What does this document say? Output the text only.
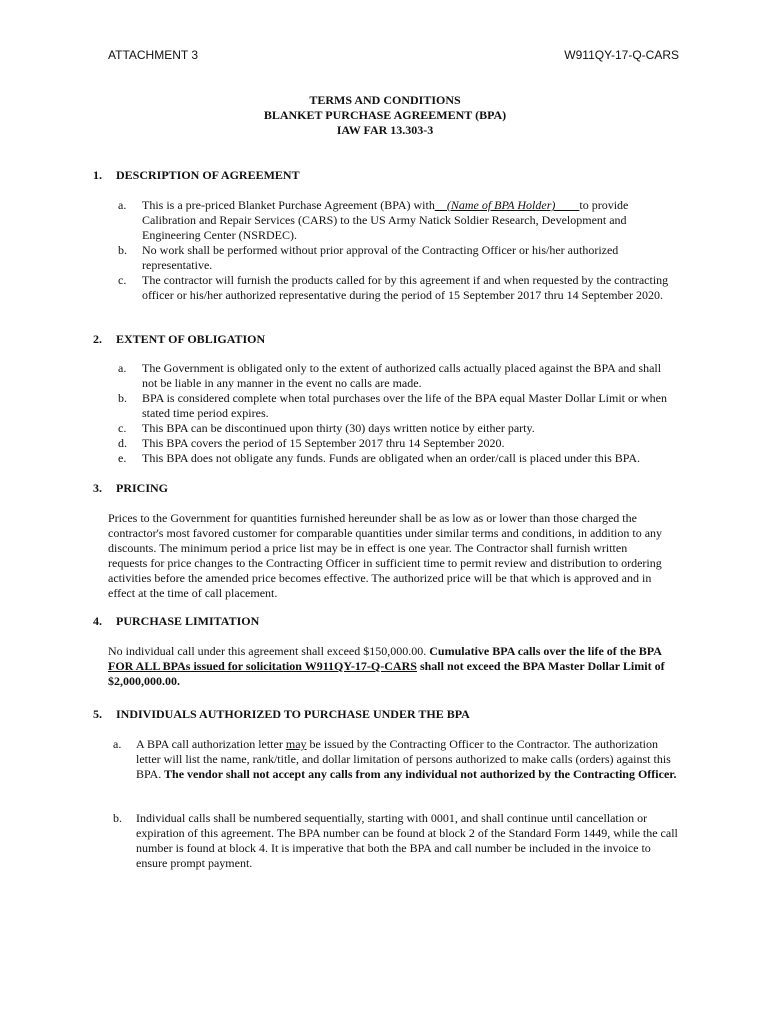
ATTACHMENT 3	W911QY-17-Q-CARS
TERMS AND CONDITIONS
BLANKET PURCHASE AGREEMENT (BPA)
IAW FAR 13.303-3
1. DESCRIPTION OF AGREEMENT
a. This is a pre-priced Blanket Purchase Agreement (BPA) with__(Name of BPA Holder)____to provide Calibration and Repair Services (CARS) to the US Army Natick Soldier Research, Development and Engineering Center (NSRDEC).
b. No work shall be performed without prior approval of the Contracting Officer or his/her authorized representative.
c. The contractor will furnish the products called for by this agreement if and when requested by the contracting officer or his/her authorized representative during the period of 15 September 2017 thru 14 September 2020.
2. EXTENT OF OBLIGATION
a. The Government is obligated only to the extent of authorized calls actually placed against the BPA and shall not be liable in any manner in the event no calls are made.
b. BPA is considered complete when total purchases over the life of the BPA equal Master Dollar Limit or when stated time period expires.
c. This BPA can be discontinued upon thirty (30) days written notice by either party.
d. This BPA covers the period of 15 September 2017 thru 14 September 2020.
e. This BPA does not obligate any funds. Funds are obligated when an order/call is placed under this BPA.
3. PRICING
Prices to the Government for quantities furnished hereunder shall be as low as or lower than those charged the contractor's most favored customer for comparable quantities under similar terms and conditions, in addition to any discounts. The minimum period a price list may be in effect is one year. The Contractor shall furnish written requests for price changes to the Contracting Officer in sufficient time to permit review and distribution to ordering activities before the amended price becomes effective. The authorized price will be that which is approved and in effect at the time of call placement.
4. PURCHASE LIMITATION
No individual call under this agreement shall exceed $150,000.00. Cumulative BPA calls over the life of the BPA FOR ALL BPAs issued for solicitation W911QY-17-Q-CARS shall not exceed the BPA Master Dollar Limit of $2,000,000.00.
5. INDIVIDUALS AUTHORIZED TO PURCHASE UNDER THE BPA
a. A BPA call authorization letter may be issued by the Contracting Officer to the Contractor. The authorization letter will list the name, rank/title, and dollar limitation of persons authorized to make calls (orders) against this BPA. The vendor shall not accept any calls from any individual not authorized by the Contracting Officer.
b. Individual calls shall be numbered sequentially, starting with 0001, and shall continue until cancellation or expiration of this agreement. The BPA number can be found at block 2 of the Standard Form 1449, while the call number is found at block 4. It is imperative that both the BPA and call number be included in the invoice to ensure prompt payment.
